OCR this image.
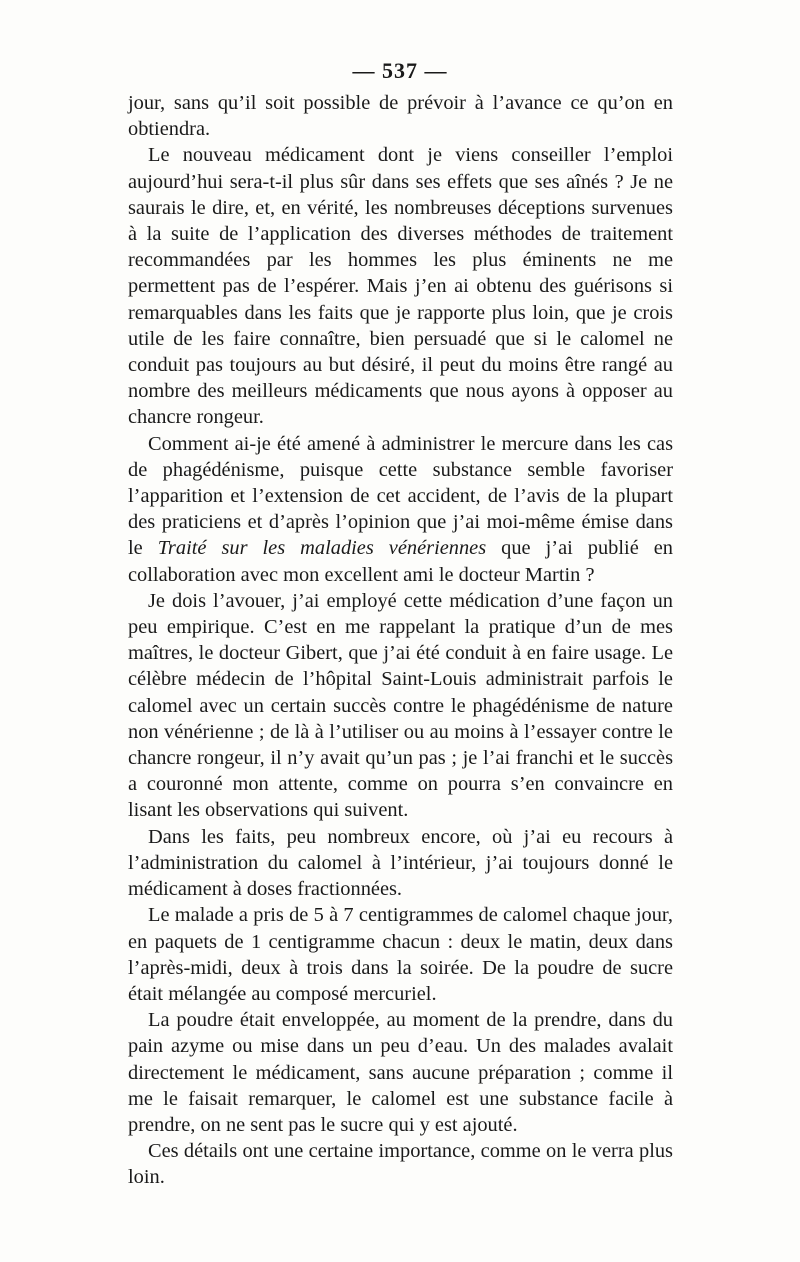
— 537 —

jour, sans qu’il soit possible de prévoir à l’avance ce qu’on en obtiendra.

Le nouveau médicament dont je viens conseiller l’emploi aujourd’hui sera-t-il plus sûr dans ses effets que ses aînés ? Je ne saurais le dire, et, en vérité, les nombreuses déceptions survenues à la suite de l’application des diverses méthodes de traitement recommandées par les hommes les plus éminents ne me permettent pas de l’espérer. Mais j’en ai obtenu des guérisons si remarquables dans les faits que je rapporte plus loin, que je crois utile de les faire connaître, bien persuadé que si le calomel ne conduit pas toujours au but désiré, il peut du moins être rangé au nombre des meilleurs médicaments que nous ayons à opposer au chancre rongeur.

Comment ai-je été amené à administrer le mercure dans les cas de phagédénisme, puisque cette substance semble favoriser l’apparition et l’extension de cet accident, de l’avis de la plupart des praticiens et d’après l’opinion que j’ai moi-même émise dans le Traité sur les maladies vénériennes que j’ai publié en collaboration avec mon excellent ami le docteur Martin ?

Je dois l’avouer, j’ai employé cette médication d’une façon un peu empirique. C’est en me rappelant la pratique d’un de mes maîtres, le docteur Gibert, que j’ai été conduit à en faire usage. Le célèbre médecin de l’hôpital Saint-Louis administrait parfois le calomel avec un certain succès contre le phagédénisme de nature non vénérienne ; de là à l’utiliser ou au moins à l’essayer contre le chancre rongeur, il n’y avait qu’un pas ; je l’ai franchi et le succès a couronné mon attente, comme on pourra s’en convaincre en lisant les observations qui suivent.

Dans les faits, peu nombreux encore, où j’ai eu recours à l’administration du calomel à l’intérieur, j’ai toujours donné le médicament à doses fractionnées.

Le malade a pris de 5 à 7 centigrammes de calomel chaque jour, en paquets de 1 centigramme chacun : deux le matin, deux dans l’après-midi, deux à trois dans la soirée. De la poudre de sucre était mélangée au composé mercuriel.

La poudre était enveloppée, au moment de la prendre, dans du pain azyme ou mise dans un peu d’eau. Un des malades avalait directement le médicament, sans aucune préparation ; comme il me le faisait remarquer, le calomel est une substance facile à prendre, on ne sent pas le sucre qui y est ajouté.

Ces détails ont une certaine importance, comme on le verra plus loin.
